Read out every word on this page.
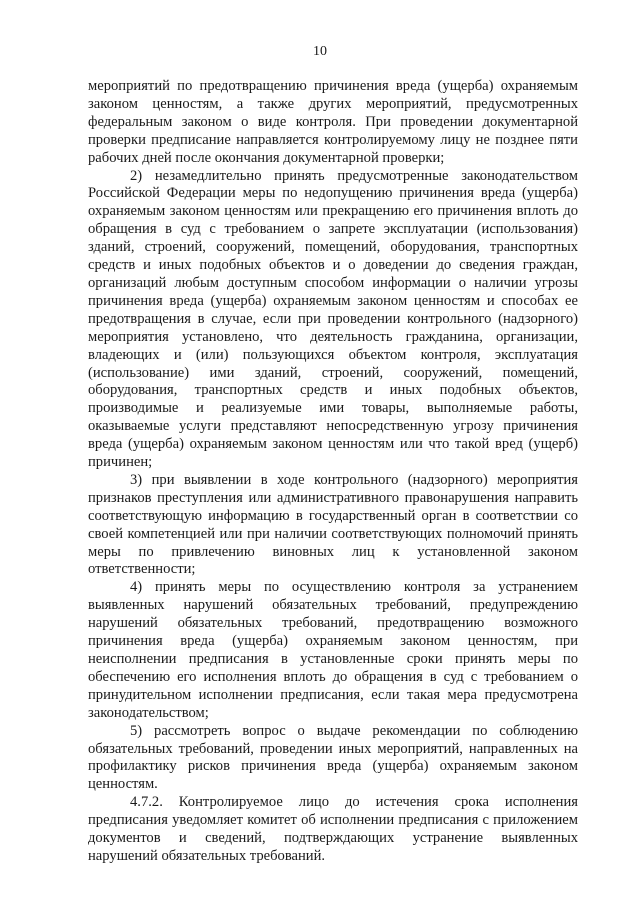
10

мероприятий по предотвращению причинения вреда (ущерба) охраняемым законом ценностям, а также других мероприятий, предусмотренных федеральным законом о виде контроля. При проведении документарной проверки предписание направляется контролируемому лицу не позднее пяти рабочих дней после окончания документарной проверки;

2) незамедлительно принять предусмотренные законодательством Российской Федерации меры по недопущению причинения вреда (ущерба) охраняемым законом ценностям или прекращению его причинения вплоть до обращения в суд с требованием о запрете эксплуатации (использования) зданий, строений, сооружений, помещений, оборудования, транспортных средств и иных подобных объектов и о доведении до сведения граждан, организаций любым доступным способом информации о наличии угрозы причинения вреда (ущерба) охраняемым законом ценностям и способах ее предотвращения в случае, если при проведении контрольного (надзорного) мероприятия установлено, что деятельность гражданина, организации, владеющих и (или) пользующихся объектом контроля, эксплуатация (использование) ими зданий, строений, сооружений, помещений, оборудования, транспортных средств и иных подобных объектов, производимые и реализуемые ими товары, выполняемые работы, оказываемые услуги представляют непосредственную угрозу причинения вреда (ущерба) охраняемым законом ценностям или что такой вред (ущерб) причинен;

3) при выявлении в ходе контрольного (надзорного) мероприятия признаков преступления или административного правонарушения направить соответствующую информацию в государственный орган в соответствии со своей компетенцией или при наличии соответствующих полномочий принять меры по привлечению виновных лиц к установленной законом ответственности;

4) принять меры по осуществлению контроля за устранением выявленных нарушений обязательных требований, предупреждению нарушений обязательных требований, предотвращению возможного причинения вреда (ущерба) охраняемым законом ценностям, при неисполнении предписания в установленные сроки принять меры по обеспечению его исполнения вплоть до обращения в суд с требованием о принудительном исполнении предписания, если такая мера предусмотрена законодательством;

5) рассмотреть вопрос о выдаче рекомендации по соблюдению обязательных требований, проведении иных мероприятий, направленных на профилактику рисков причинения вреда (ущерба) охраняемым законом ценностям.

4.7.2. Контролируемое лицо до истечения срока исполнения предписания уведомляет комитет об исполнении предписания с приложением документов и сведений, подтверждающих устранение выявленных нарушений обязательных требований.
